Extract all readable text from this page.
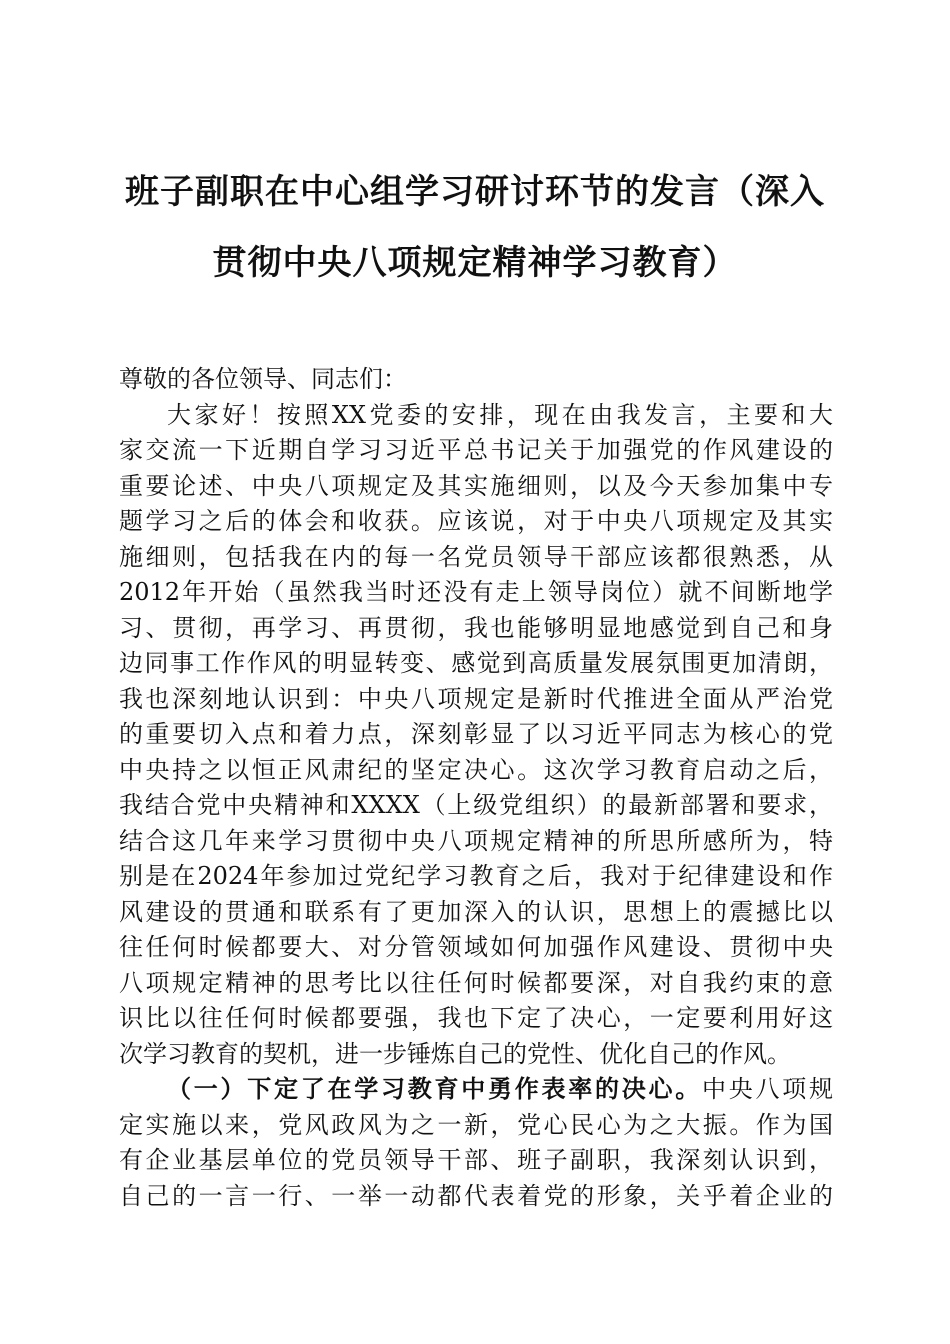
班子副职在中心组学习研讨环节的发言（深入
贯彻中央八项规定精神学习教育）
尊敬的各位领导、同志们：
大家好！按照XX党委的安排，现在由我发言，主要和大
家交流一下近期自学习习近平总书记关于加强党的作风建设的
重要论述、中央八项规定及其实施细则，以及今天参加集中专
题学习之后的体会和收获。应该说，对于中央八项规定及其实
施细则，包括我在内的每一名党员领导干部应该都很熟悉，从
2012年开始（虽然我当时还没有走上领导岗位）就不间断地学
习、贯彻，再学习、再贯彻，我也能够明显地感觉到自己和身
边同事工作作风的明显转变、感觉到高质量发展氛围更加清朗，
我也深刻地认识到：中央八项规定是新时代推进全面从严治党
的重要切入点和着力点，深刻彰显了以习近平同志为核心的党
中央持之以恒正风肃纪的坚定决心。这次学习教育启动之后，
我结合党中央精神和XXXX（上级党组织）的最新部署和要求，
结合这几年来学习贯彻中央八项规定精神的所思所感所为，特
别是在2024年参加过党纪学习教育之后，我对于纪律建设和作
风建设的贯通和联系有了更加深入的认识，思想上的震撼比以
往任何时候都要大、对分管领域如何加强作风建设、贯彻中央
八项规定精神的思考比以往任何时候都要深，对自我约束的意
识比以往任何时候都要强，我也下定了决心，一定要利用好这
次学习教育的契机，进一步锤炼自己的党性、优化自己的作风。
（一）下定了在学习教育中勇作表率的决心。中央八项规
定实施以来，党风政风为之一新，党心民心为之大振。作为国
有企业基层单位的党员领导干部、班子副职，我深刻认识到，
自己的一言一行、一举一动都代表着党的形象，关乎着企业的
